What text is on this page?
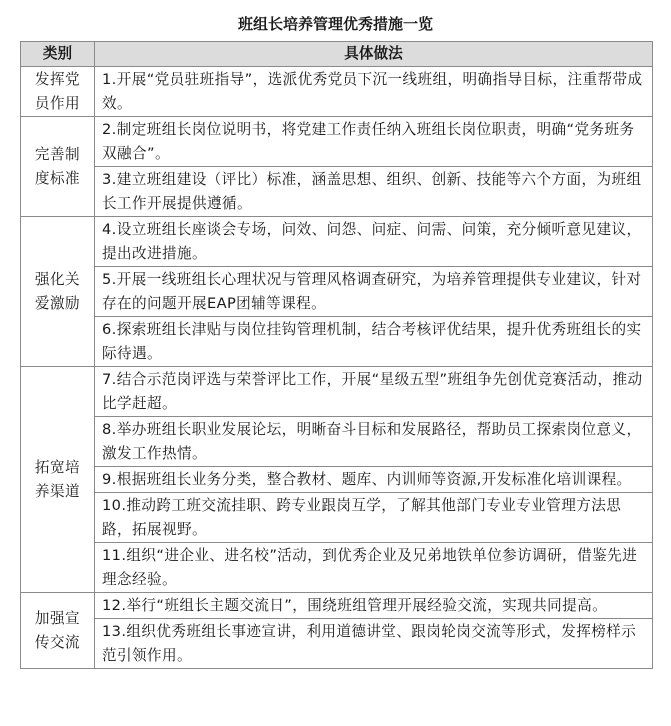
班组长培养管理优秀措施一览
类别	具体做法
发挥党员作用	1.开展“党员驻班指导”，选派优秀党员下沉一线班组，明确指导目标，注重帮带成效。
完善制度标准	2.制定班组长岗位说明书，将党建工作责任纳入班组长岗位职责，明确“党务班务双融合”。
	3.建立班组建设（评比）标准，涵盖思想、组织、创新、技能等六个方面，为班组长工作开展提供遵循。
强化关爱激励	4.设立班组长座谈会专场，问效、问怨、问症、问需、问策，充分倾听意见建议，提出改进措施。
	5.开展一线班组长心理状况与管理风格调查研究，为培养管理提供专业建议，针对存在的问题开展EAP团辅等课程。
	6.探索班组长津贴与岗位挂钩管理机制，结合考核评优结果，提升优秀班组长的实际待遇。
拓宽培养渠道	7.结合示范岗评选与荣誉评比工作，开展“星级五型”班组争先创优竞赛活动，推动比学赶超。
	8.举办班组长职业发展论坛，明晰奋斗目标和发展路径，帮助员工探索岗位意义，激发工作热情。
	9.根据班组长业务分类，整合教材、题库、内训师等资源,开发标准化培训课程。
	10.推动跨工班交流挂职、跨专业跟岗互学，了解其他部门专业专业管理方法思路，拓展视野。
	11.组织“进企业、进名校”活动，到优秀企业及兄弟地铁单位参访调研，借鉴先进理念经验。
加强宣传交流	12.举行“班组长主题交流日”，围绕班组管理开展经验交流，实现共同提高。
	13.组织优秀班组长事迹宣讲，利用道德讲堂、跟岗轮岗交流等形式，发挥榜样示范引领作用。
